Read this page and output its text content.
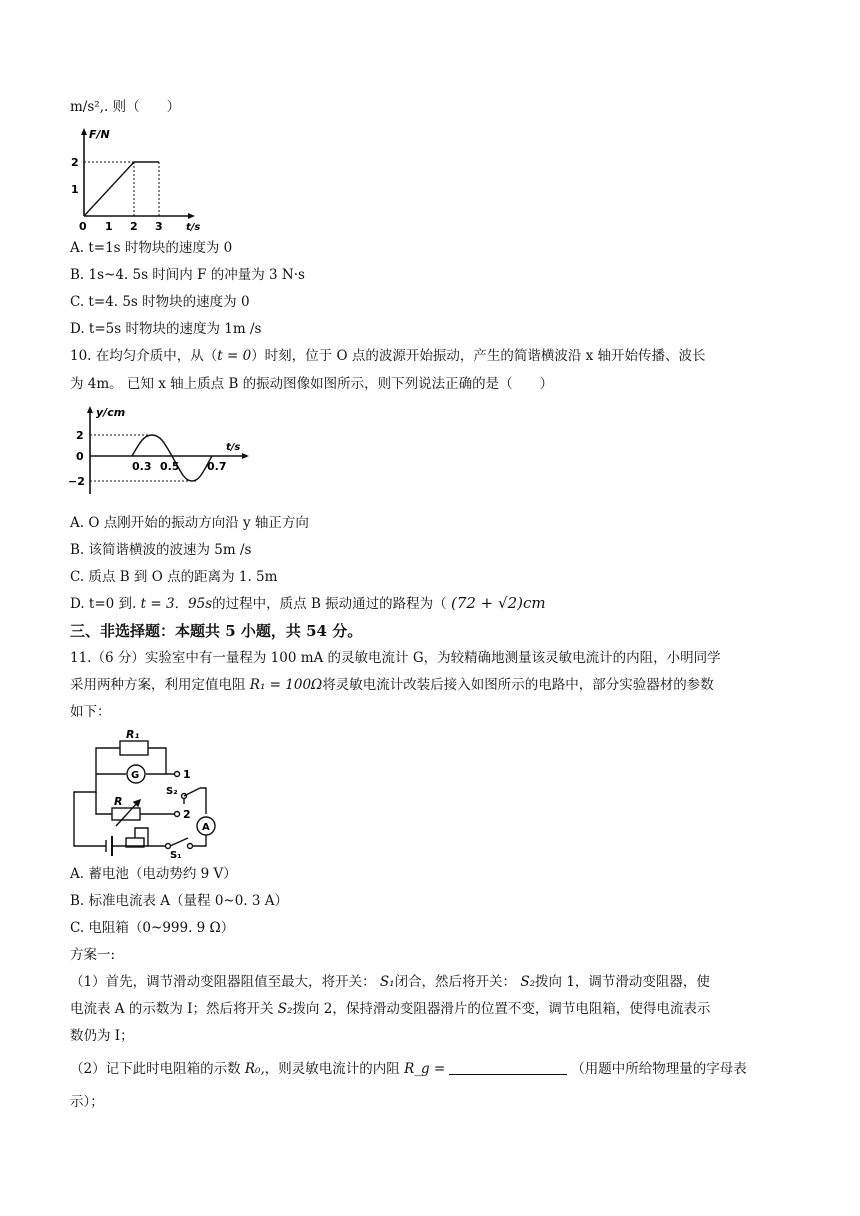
m/s²,. 则（　　）
F/N
t/s
2
1
0 1 2 3
A. t=1s 时物块的速度为 0
B. 1s~4. 5s 时间内 F 的冲量为 3 N·s
C. t=4. 5s 时物块的速度为 0
D. t=5s 时物块的速度为 1m /s
10. 在均匀介质中，从（t = 0）时刻，位于 O 点的波源开始振动，产生的简谐横波沿 x 轴开始传播、波长
为 4m。 已知 x 轴上质点 B 的振动图像如图所示，则下列说法正确的是（　　）
y/cm
t/s
2
0
−2
0.3 0.5	0.7
A. O 点刚开始的振动方向沿 y 轴正方向
B. 该简谐横波的波速为 5m /s
C. 质点 B 到 O 点的距离为 1. 5m
D. t=0 到. t = 3．95s的过程中，质点 B 振动通过的路程为（ (72 + √2)cm
三、非选择题：本题共 5 小题，共 54 分。
11.（6 分）实验室中有一量程为 100 mA 的灵敏电流计 G，为较精确地测量该灵敏电流计的内阻，小明同学
采用两种方案，利用定值电阻 R₁ = 100Ω将灵敏电流计改装后接入如图所示的电路中，部分实验器材的参数
如下：
R₁
G	1
2
R
S₂
A
S₁
A. 蓄电池（电动势约 9 V）
B. 标准电流表 A（量程 0~0. 3 A）
C. 电阻箱（0~999. 9 Ω）
方案一:
（1）首先，调节滑动变阻器阻值至最大，将开关： S₁闭合，然后将开关： S₂拨向 1，调节滑动变阻器，使
电流表 A 的示数为 I；然后将开关 S₂拨向 2，保持滑动变阻器滑片的位置不变，调节电阻箱，使得电流表示
数仍为 I；
（2）记下此时电阻箱的示数 R₀,，则灵敏电流计的内阻 R_g =	（用题中所给物理量的字母表
示）；
